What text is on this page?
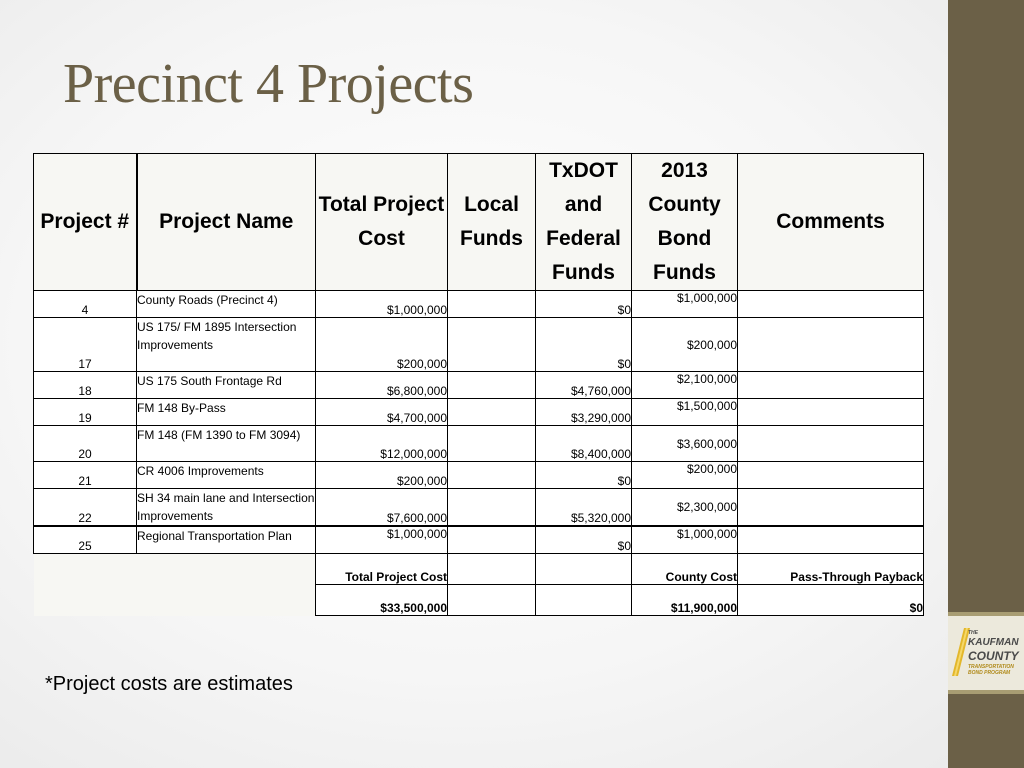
THE
KAUFMAN
COUNTY
TRANSPORTATION
BOND PROGRAM
Precinct 4 Projects
Project #	Project Name	Total Project Cost	Local Funds	TxDOT and Federal Funds	2013 County Bond Funds	Comments
4	County Roads (Precinct 4)	$1,000,000		$0	$1,000,000	
17	US 175/ FM 1895 Intersection Improvements	$200,000		$0	$200,000	
18	US 175 South Frontage Rd	$6,800,000		$4,760,000	$2,100,000	
19	FM 148 By-Pass	$4,700,000		$3,290,000	$1,500,000	
20	FM 148 (FM 1390 to FM 3094)	$12,000,000		$8,400,000	$3,600,000	
21	CR 4006 Improvements	$200,000		$0	$200,000	
22	SH 34 main lane and Intersection Improvements	$7,600,000		$5,320,000	$2,300,000	
25	Regional Transportation Plan	$1,000,000		$0	$1,000,000	
		Total Project Cost			County Cost	Pass-Through Payback
		$33,500,000			$11,900,000	$0
*Project costs are estimates
